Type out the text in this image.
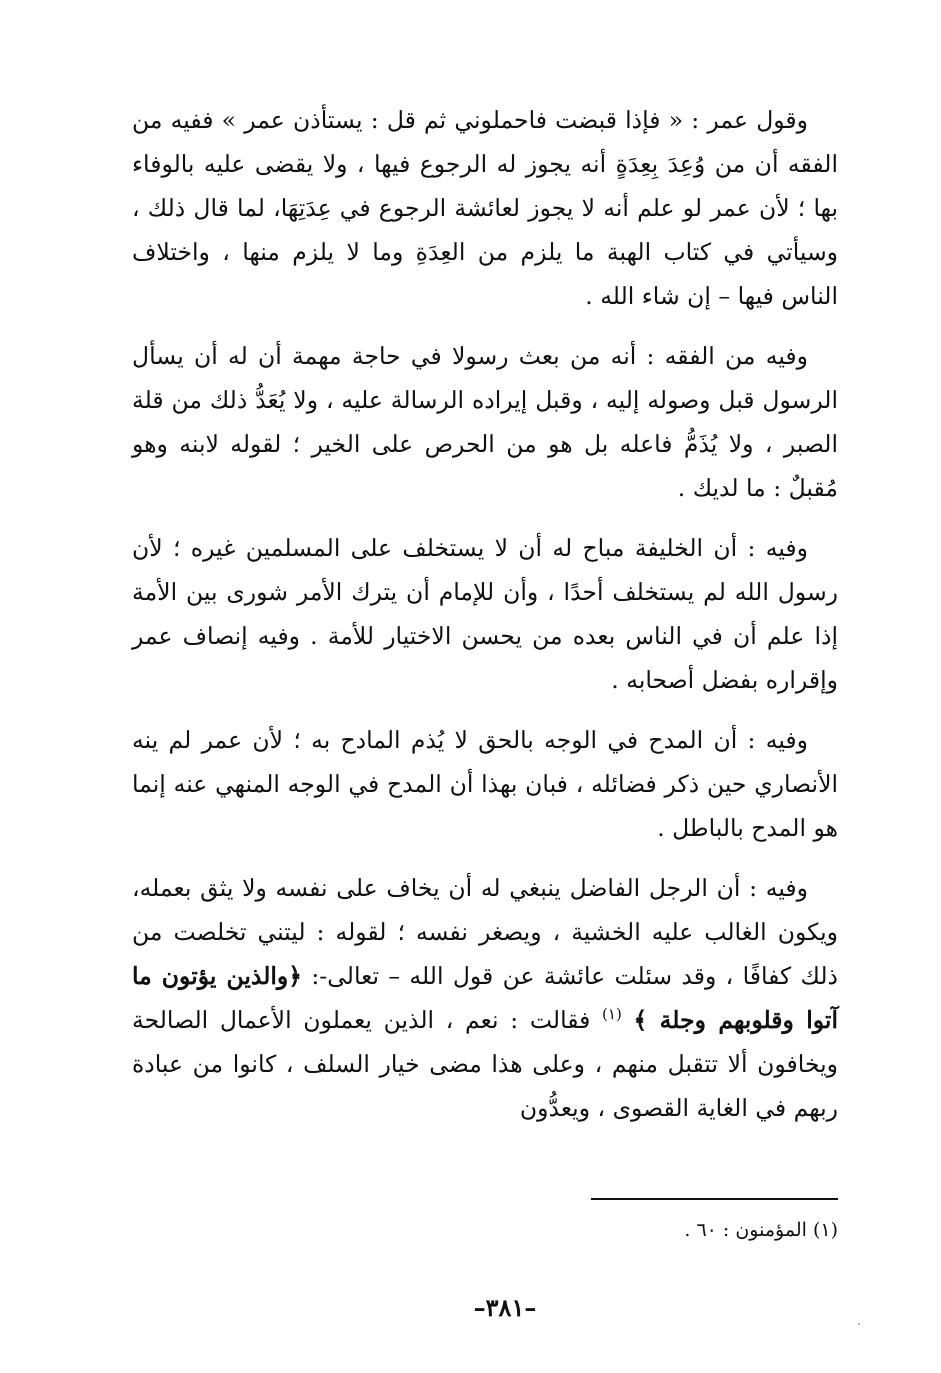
وقول عمر : « فإذا قبضت فاحملوني ثم قل : يستأذن عمر » ففيه من الفقه أن من وُعِدَ بِعِدَةٍ أنه يجوز له الرجوع فيها ، ولا يقضى عليه بالوفاء بها ؛ لأن عمر لو علم أنه لا يجوز لعائشة الرجوع في عِدَتِهَا، لما قال ذلك ، وسيأتي في كتاب الهبة ما يلزم من العِدَةِ وما لا يلزم منها ، واختلاف الناس فيها – إن شاء الله .

وفيه من الفقه : أنه من بعث رسولا في حاجة مهمة أن له أن يسأل الرسول قبل وصوله إليه ، وقبل إيراده الرسالة عليه ، ولا يُعَدُّ ذلك من قلة الصبر ، ولا يُذَمُّ فاعله بل هو من الحرص على الخير ؛ لقوله لابنه وهو مُقبلٌ : ما لديك .

وفيه : أن الخليفة مباح له أن لا يستخلف على المسلمين غيره ؛ لأن رسول الله لم يستخلف أحدًا ، وأن للإمام أن يترك الأمر شورى بين الأمة إذا علم أن في الناس بعده من يحسن الاختيار للأمة . وفيه إنصاف عمر وإقراره بفضل أصحابه .

وفيه : أن المدح في الوجه بالحق لا يُذم المادح به ؛ لأن عمر لم ينه الأنصاري حين ذكر فضائله ، فبان بهذا أن المدح في الوجه المنهي عنه إنما هو المدح بالباطل .

وفيه : أن الرجل الفاضل ينبغي له أن يخاف على نفسه ولا يثق بعمله، ويكون الغالب عليه الخشية ، ويصغر نفسه ؛ لقوله : ليتني تخلصت من ذلك كفافًا ، وقد سئلت عائشة عن قول الله – تعالى-: ﴿والذين يؤتون ما آتوا وقلوبهم وجلة ﴾ $^{(١)}$ فقالت : نعم ، الذين يعملون الأعمال الصالحة ويخافون ألا تتقبل منهم ، وعلى هذا مضى خيار السلف ، كانوا من عبادة ربهم في الغاية القصوى ، ويعدُّون

(١) المؤمنون : ٦٠ .
–٣٨١–
